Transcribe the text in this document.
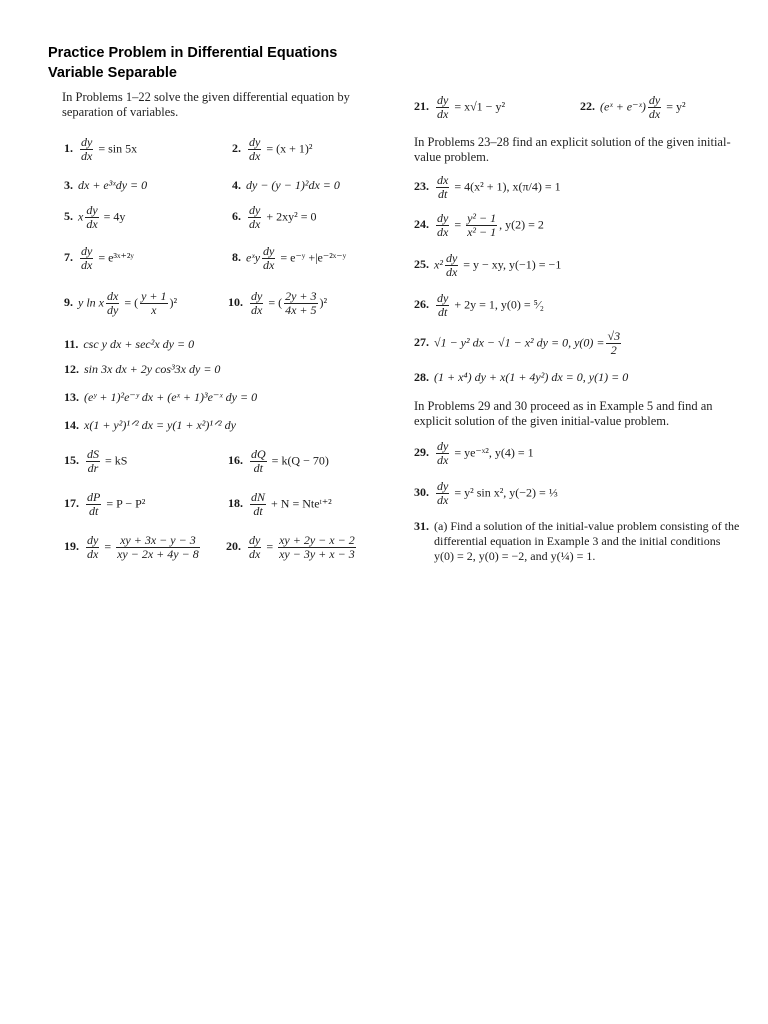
Practice Problem in Differential Equations
Variable Separable
In Problems 1–22 solve the given differential equation by separation of variables.
1. $\frac{dy}{dx} = \sin 5x$	2. $\frac{dy}{dx} = (x + 1)^2$
3. dx + e³ˣdy = 0	4. dy − (y − 1)²dx = 0
5. x $\frac{dy}{dx} = 4y$	6. $\frac{dy}{dx} + 2xy^2 = 0$
7. $\frac{dy}{dx}$ = e³ˣ⁺²ʸ	8. eˣy $\frac{dy}{dx}$ = e⁻ʸ +|e⁻²ˣ⁻ʸ
9. y ln x $\frac{dx}{dy}$ = ( $\frac{y + 1}{x} )^2$	10. $\frac{dy}{dx}$ = ( $\frac{2y + 3}{4x + 5} )^2$
11. csc y dx + sec²x dy = 0
12. sin 3x dx + 2y cos³3x dy = 0
13. (eʸ + 1)²e⁻ʸ dx + (eˣ + 1)³e⁻ˣ dy = 0
14. x(1 + y²)¹ᐟ² dx = y(1 + x²)¹ᐟ² dy
15. $\frac{dS}{dr}$ = kS	16. $\frac{dQ}{dt} = k(Q - 70)$
17. $\frac{dP}{dt} = P - P^2$	18. $\frac{dN}{dt} + N$ = Nteᵗ⁺²
19. $\frac{dy}{dx} = \frac{xy + 3x - y - 3}{xy - 2x + 4y - 8} 20$. $\frac{dy}{dx} = \frac{xy + 2y - x - 2}{xy - 3y + x - 3}$
21. $\frac{dy}{dx} = x√1 - y^2$	22. (eˣ + e⁻ˣ) $\frac{dy}{dx} = y^2$
In Problems 23–28 find an explicit solution of the given initial-value problem.
23. $\frac{dx}{dt} = 4(x^2 + 1)$, x(π/4) = 1
24. $\frac{dy}{dx} = \frac{\text{y² − 1}}{\text{x² − 1}}$ , y(2) = 2
25. $x^2 \frac{dy}{dx} = y$ − xy, y(−1) = −1
26. $\frac{dy}{dt} + 2y = 1$, y(0) = ⁵⁄₂
27. √1 − y² dx − √1 − x² dy = 0, $y(0) = \frac{√3}{2}$
28. (1 + x⁴) dy + x(1 + 4y²) dx = 0, y(1) = 0
In Problems 29 and 30 proceed as in Example 5 and find an explicit solution of the given initial-value problem.
29. $\frac{dy}{dx}$ = ye⁻ˣ², y(4) = 1
30. $\frac{dy}{dx} = y^2$ sin x², y(−2) = ⅓
31. (a) Find a solution of the initial-value problem consisting of the differential equation in Example 3 and the initial conditions y(0) = 2, y(0) = −2, and y(¼) = 1.
